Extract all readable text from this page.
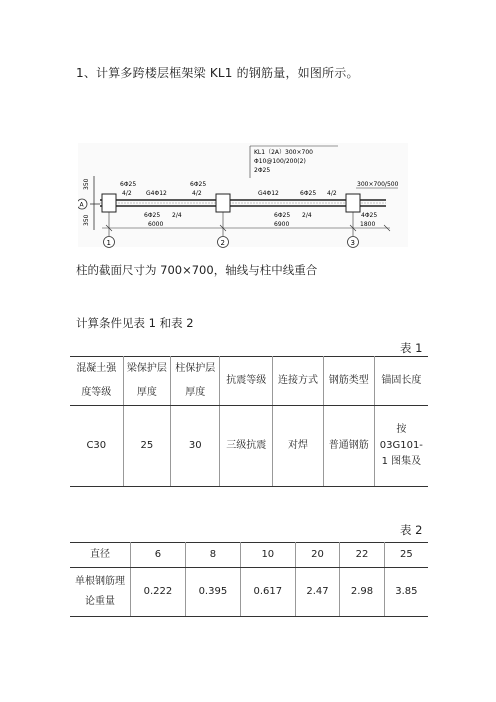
1、计算多跨楼层框架梁 KL1 的钢筋量，如图所示。
350
350
A
1	2	3
6000	6900	1800
KL1（2A）300×700
Φ10@100/200(2)
2Φ25
300×700/500
6Φ25
4/2 G4Φ12
6Φ25
4/2	G4Φ12	6Φ25 4/2
6Φ25 2/4	6Φ25 2/4	4Φ25
柱的截面尺寸为 700×700，轴线与柱中线重合
计算条件见表 1 和表 2
表 1
混凝土强度等级	梁保护层厚度	柱保护层厚度	抗震等级	连接方式	钢筋类型	锚固长度
C30	25	30	三级抗震	对焊	普通钢筋	按 03G101-1 图集及
表 2
直径	6	8	10	20	22	25
单根钢筋理论重量	0.222	0.395	0.617	2.47	2.98	3.85
